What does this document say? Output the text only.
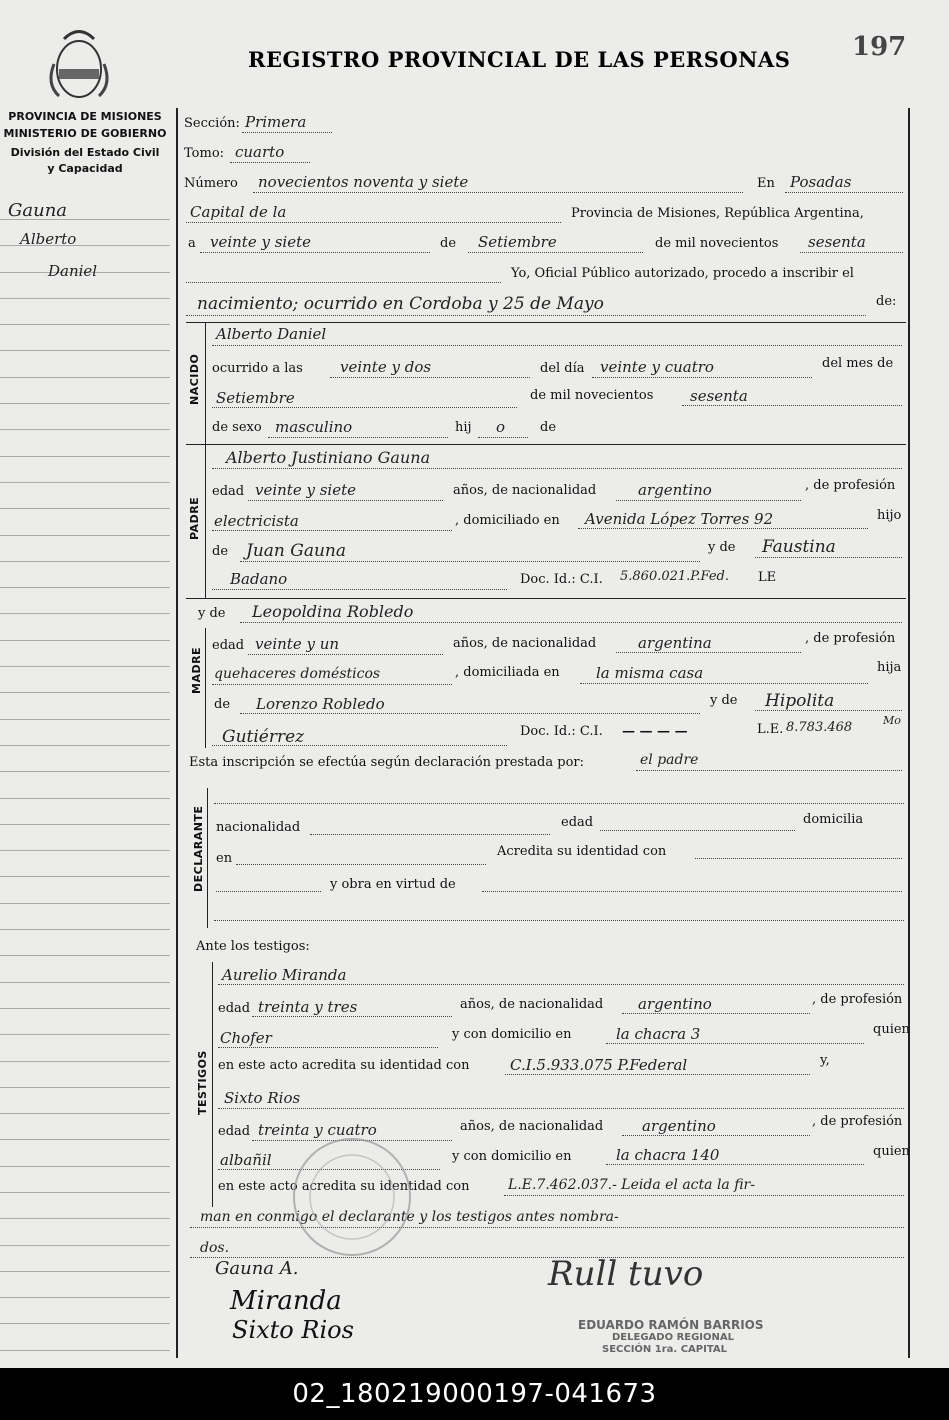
REGISTRO PROVINCIAL DE LAS PERSONAS 197
PROVINCIA DE MISIONES
MINISTERIO DE GOBIERNO
División del Estado Civil
y Capacidad
Gauna
Alberto
Daniel
Sección: Primera
Tomo: cuarto
Número novecientos noventa y siete	En Posadas
Capital de la	Provincia de Misiones, República Argentina,
a veinte y siete	de Setiembre	de mil novecientos sesenta
Yo, Oficial Público autorizado, procedo a inscribir el
nacimiento; ocurrido en Cordoba y 25 de Mayo	de:
NACIDO
Alberto Daniel
ocurrido a las veinte y dos	del día veinte y cuatro	del mes de
Setiembre	de mil novecientos sesenta
de sexo masculino	hij o	de
PADRE
Alberto Justiniano Gauna
edad veinte y siete	años, de nacionalidad	argentino	, de profesión
electricista	, domiciliado en Avenida López Torres 92	hijo
de Juan Gauna	y de Faustina
Badano	Doc. Id.: C.I. 5.860.021.P.Fed. LE
y de Leopoldina Robledo
MADRE
edad veinte y un	años, de nacionalidad	argentina	, de profesión
quehaceres domésticos	, domiciliada en la misma casa	hija
de Lorenzo Robledo	y de Hipolita
Gutiérrez	Doc. Id.: C.I. — — — —	L.E. 8.783.468	Mo
Esta inscripción se efectúa según declaración prestada por:	el padre
DECLARANTE nacionalidad	edad	domicilia
en	Acredita su identidad con
y obra en virtud de
Ante los testigos:
TESTIGOS
Aurelio Miranda
edad treinta y tres	años, de nacionalidad argentino	, de profesión
Chofer	y con domicilio en	la chacra 3	quien
en este acto acredita su identidad con	C.I.5.933.075 P.Federal	y,
Sixto Rios
edad treinta y cuatro	años, de nacionalidad	argentino	, de profesión
albañil	y con domicilio en	la chacra 140	quien
en este acto acredita su identidad con	L.E.7.462.037.- Leida el acta la fir-
man en conmigo el declarante y los testigos antes nombra-
dos.
Gauna A.
Miranda
Sixto Rios
Rull tuvo
EDUARDO RAMÓN BARRIOS
DELEGADO REGIONAL
SECCIÓN 1ra. CAPITAL
02_180219000197-041673
